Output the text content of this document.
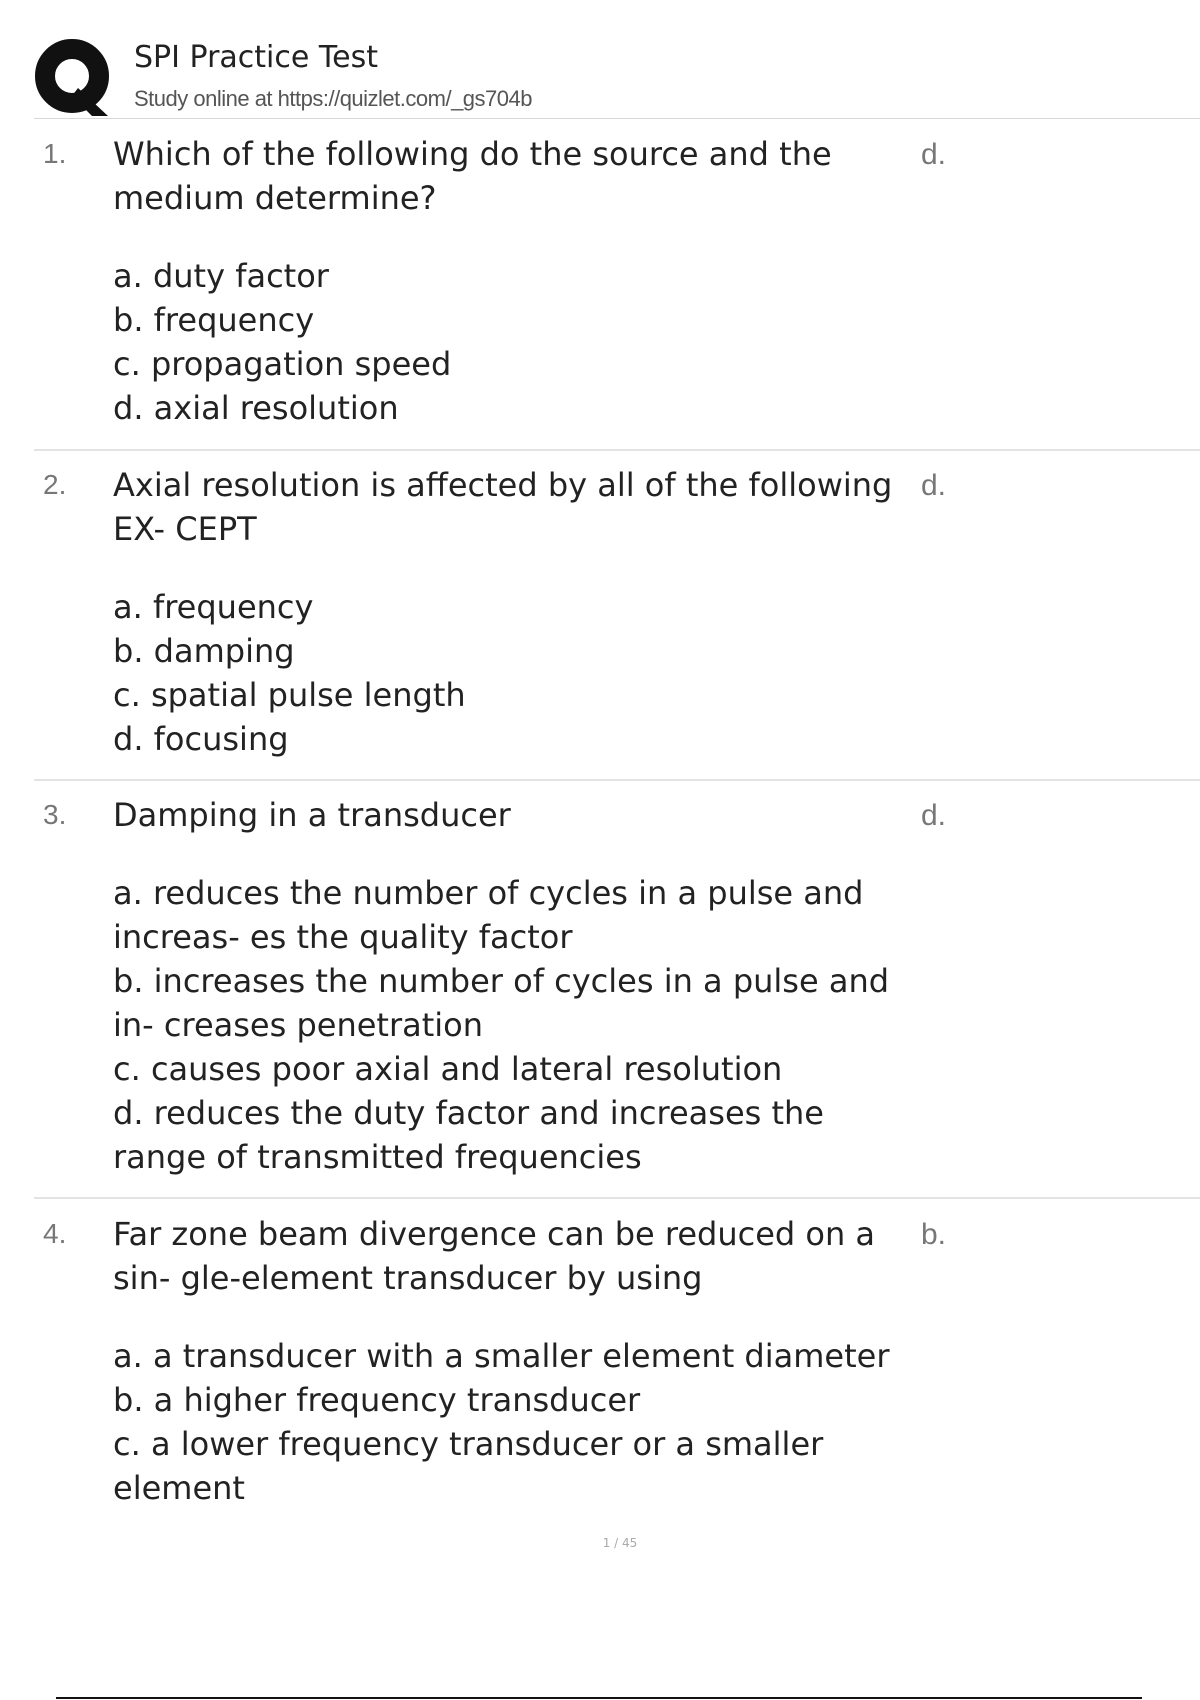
SPI Practice Test
Study online at https://quizlet.com/_gs704b
1. Which of the following do the source and the medium determine?
d.
a. duty factor
b. frequency
c. propagation speed
d. axial resolution
2. Axial resolution is affected by all of the following EX- CEPT
d.
a. frequency
b. damping
c. spatial pulse length
d. focusing
3. Damping in a transducer	d.
a. reduces the number of cycles in a pulse and increas- es the quality factor
b. increases the number of cycles in a pulse and in- creases penetration
c. causes poor axial and lateral resolution
d. reduces the duty factor and increases the range of transmitted frequencies
4. Far zone beam divergence can be reduced on a sin- gle-element transducer by using
b.
a. a transducer with a smaller element diameter
b. a higher frequency transducer
c. a lower frequency transducer or a smaller element
1 / 45
